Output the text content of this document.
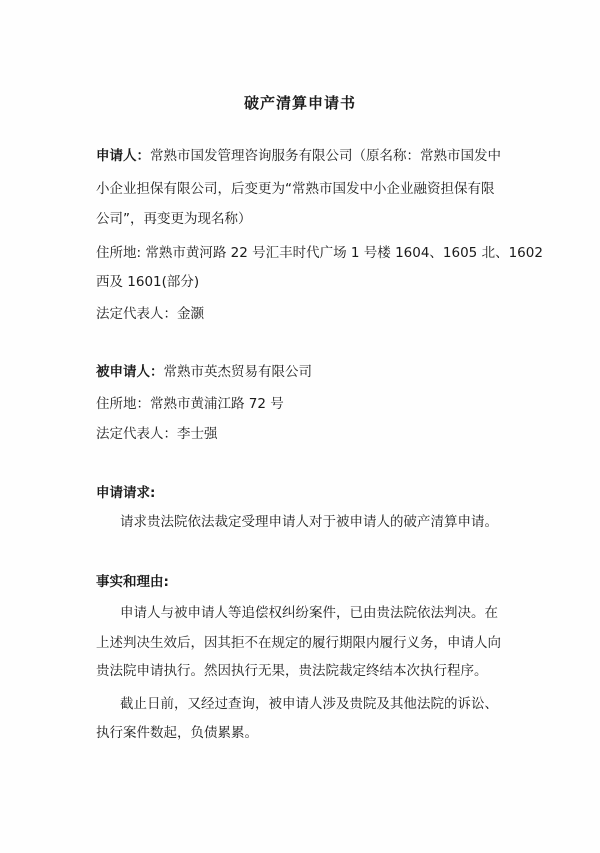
破产清算申请书
申请人：常熟市国发管理咨询服务有限公司（原名称：常熟市国发中
小企业担保有限公司，后变更为“常熟市国发中小企业融资担保有限
公司”，再变更为现名称）
住所地: 常熟市黄河路 22 号汇丰时代广场 1 号楼 1604、1605 北、1602
西及 1601(部分)
法定代表人：金灏
被申请人：常熟市英杰贸易有限公司
住所地：常熟市黄浦江路 72 号
法定代表人：李士强
申请请求:
请求贵法院依法裁定受理申请人对于被申请人的破产清算申请。
事实和理由:
申请人与被申请人等追偿权纠纷案件，已由贵法院依法判决。在
上述判决生效后，因其拒不在规定的履行期限内履行义务，申请人向
贵法院申请执行。然因执行无果，贵法院裁定终结本次执行程序。
截止日前，又经过查询，被申请人涉及贵院及其他法院的诉讼、
执行案件数起，负债累累。
